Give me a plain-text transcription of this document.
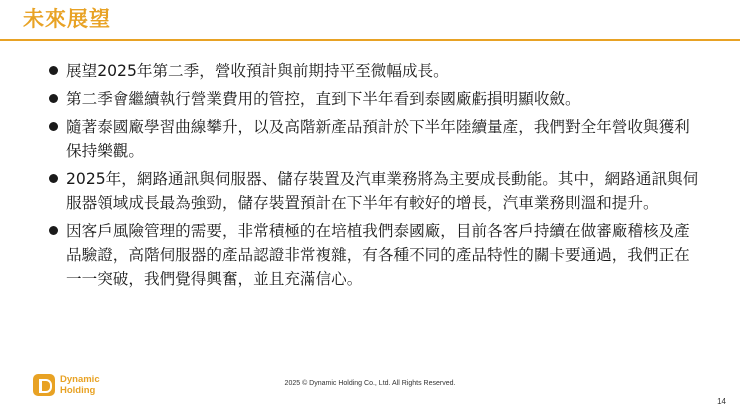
未來展望
展望2025年第二季，營收預計與前期持平至微幅成長。
第二季會繼續執行營業費用的管控，直到下半年看到泰國廠虧損明顯收斂。
隨著泰國廠學習曲線攀升，以及高階新產品預計於下半年陸續量產，我們對全年營收與獲利保持樂觀。
2025年，網路通訊與伺服器、儲存裝置及汽車業務將為主要成長動能。其中，網路通訊與伺服器領域成長最為強勁，儲存裝置預計在下半年有較好的增長，汽車業務則溫和提升。
因客戶風險管理的需要，非常積極的在培植我們泰國廠，目前各客戶持續在做審廠稽核及產品驗證，高階伺服器的產品認證非常複雜，有各種不同的產品特性的關卡要通過，我們正在一一突破，我們覺得興奮，並且充滿信心。
Dynamic
Holding
2025 © Dynamic Holding Co., Ltd. All Rights Reserved.
14
